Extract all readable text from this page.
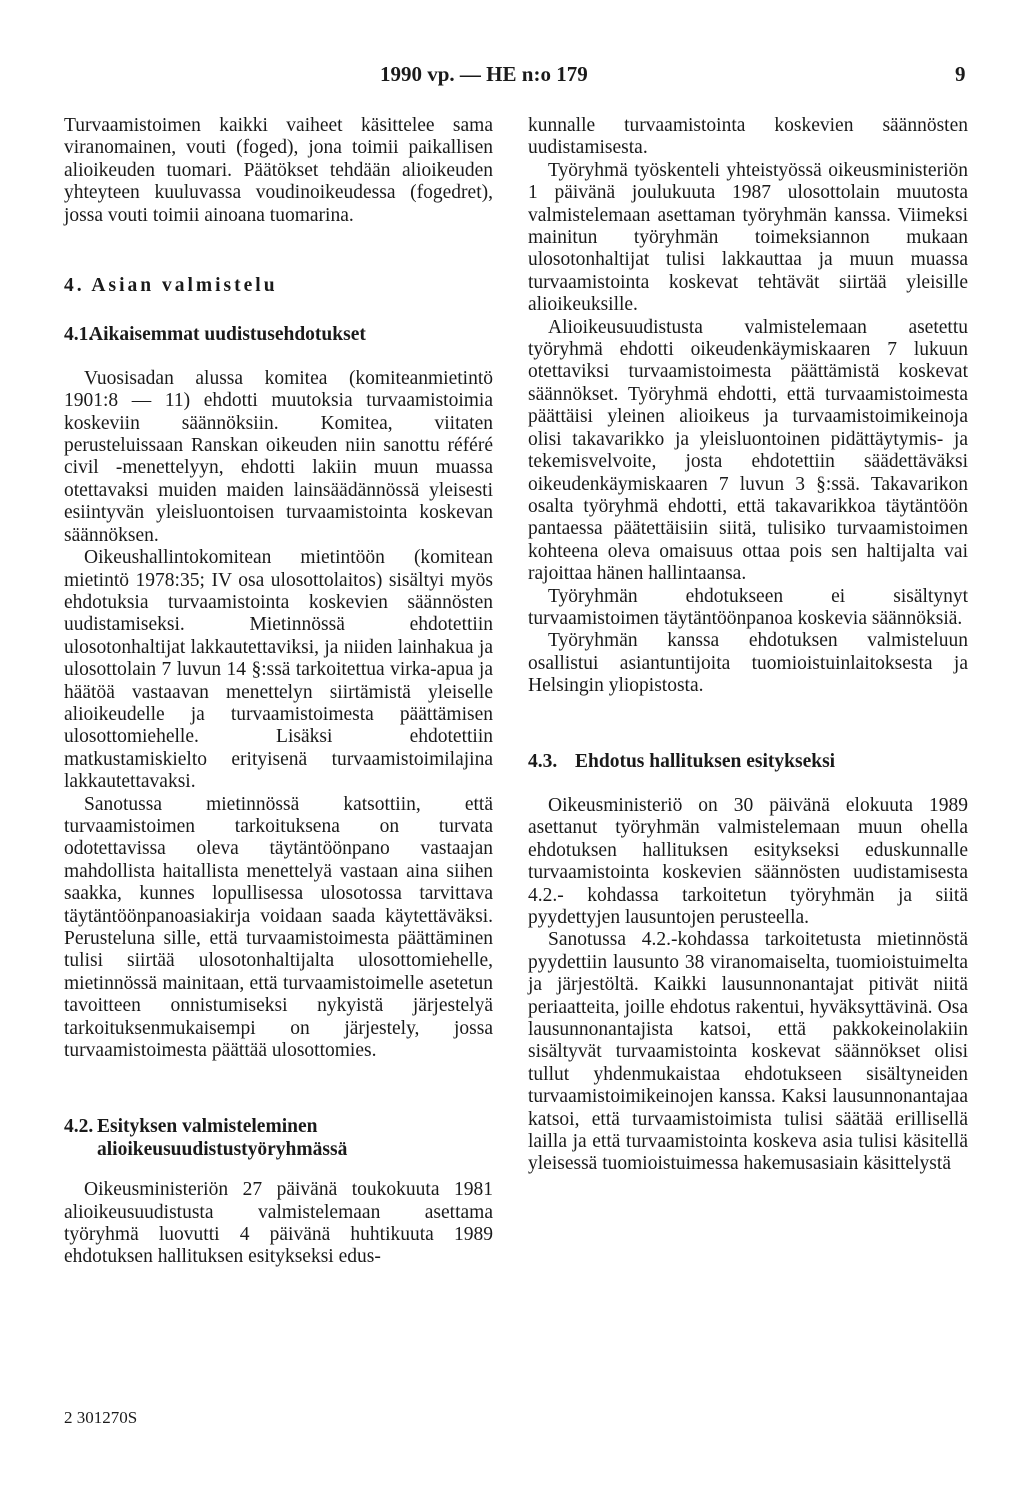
1990 vp. — HE n:o 179	9

Turvaamistoimen kaikki vaiheet käsittelee sama viranomainen, vouti (foged), jona toimii paikallisen alioikeuden tuomari. Päätökset tehdään alioikeuden yhteyteen kuuluvassa voudinoikeudessa (fogedret), jossa vouti toimii ainoana tuomarina.

4. Asian valmistelu
4.1.
Aikaisemmat uudistusehdotukset

Vuosisadan alussa komitea (komiteanmietintö 1901:8 — 11) ehdotti muutoksia turvaamistoimia koskeviin säännöksiin. Komitea, viitaten perusteluissaan Ranskan oikeuden niin sanottu référé civil -menettelyyn, ehdotti lakiin muun muassa otettavaksi muiden maiden lainsäädännössä yleisesti esiintyvän yleisluontoisen turvaamistointa koskevan säännöksen.

Oikeushallintokomitean mietintöön (komitean mietintö 1978:35; IV osa ulosottolaitos) sisältyi myös ehdotuksia turvaamistointa koskevien säännösten uudistamiseksi. Mietinnössä ehdotettiin ulosotonhaltijat lakkautettaviksi, ja niiden lainhakua ja ulosottolain 7 luvun 14 §:ssä tarkoitettua virka-apua ja häätöä vastaavan menettelyn siirtämistä yleiselle alioikeudelle ja turvaamistoimesta päättämisen ulosottomiehelle. Lisäksi ehdotettiin matkustamiskielto erityisenä turvaamistoimilajina lakkautettavaksi.

Sanotussa mietinnössä katsottiin, että turvaamistoimen tarkoituksena on turvata odotettavissa oleva täytäntöönpano vastaajan mahdollista haitallista menettelyä vastaan aina siihen saakka, kunnes lopullisessa ulosotossa tarvittava täytäntöönpanoasiakirja voidaan saada käytettäväksi. Perusteluna sille, että turvaamistoimesta päättäminen tulisi siirtää ulosotonhaltijalta ulosottomiehelle, mietinnössä mainitaan, että turvaamistoimelle asetetun tavoitteen onnistumiseksi nykyistä järjestelyä tarkoituksenmukaisempi on järjestely, jossa turvaamistoimesta päättää ulosottomies.

4.2. Esityksen valmisteleminen alioikeusuudistustyöryhmässä

Oikeusministeriön 27 päivänä toukokuuta 1981 alioikeusuudistusta valmistelemaan asettama työryhmä luovutti 4 päivänä huhtikuuta 1989 ehdotuksen hallituksen esitykseksi edus-

kunnalle turvaamistointa koskevien säännösten uudistamisesta.

Työryhmä työskenteli yhteistyössä oikeusministeriön 1 päivänä joulukuuta 1987 ulosottolain muutosta valmistelemaan asettaman työryhmän kanssa. Viimeksi mainitun työryhmän toimeksiannon mukaan ulosotonhaltijat tulisi lakkauttaa ja muun muassa turvaamistointa koskevat tehtävät siirtää yleisille alioikeuksille.

Alioikeusuudistusta valmistelemaan asetettu työryhmä ehdotti oikeudenkäymiskaaren 7 lukuun otettaviksi turvaamistoimesta päättämistä koskevat säännökset. Työryhmä ehdotti, että turvaamistoimesta päättäisi yleinen alioikeus ja turvaamistoimikeinoja olisi takavarikko ja yleisluontoinen pidättäytymis- ja tekemisvelvoite, josta ehdotettiin säädettäväksi oikeudenkäymiskaaren 7 luvun 3 §:ssä. Takavarikon osalta työryhmä ehdotti, että takavarikkoa täytäntöön pantaessa päätettäisiin siitä, tulisiko turvaamistoimen kohteena oleva omaisuus ottaa pois sen haltijalta vai rajoittaa hänen hallintaansa.

Työryhmän ehdotukseen ei sisältynyt turvaamistoimen täytäntöönpanoa koskevia säännöksiä.

Työryhmän kanssa ehdotuksen valmisteluun osallistui asiantuntijoita tuomioistuinlaitoksesta ja Helsingin yliopistosta.

4.3. Ehdotus hallituksen esitykseksi

Oikeusministeriö on 30 päivänä elokuuta 1989 asettanut työryhmän valmistelemaan muun ohella ehdotuksen hallituksen esitykseksi eduskunnalle turvaamistointa koskevien säännösten uudistamisesta 4.2.- kohdassa tarkoitetun työryhmän ja siitä pyydettyjen lausuntojen perusteella.

Sanotussa 4.2.-kohdassa tarkoitetusta mietinnöstä pyydettiin lausunto 38 viranomaiselta, tuomioistuimelta ja järjestöltä. Kaikki lausunnonantajat pitivät niitä periaatteita, joille ehdotus rakentui, hyväksyttävinä. Osa lausunnonantajista katsoi, että pakkokeinolakiin sisältyvät turvaamistointa koskevat säännökset olisi tullut yhdenmukaistaa ehdotukseen sisältyneiden turvaamistoimikeinojen kanssa. Kaksi lausunnonantajaa katsoi, että turvaamistoimista tulisi säätää erillisellä lailla ja että turvaamistointa koskeva asia tulisi käsitellä yleisessä tuomioistuimessa hakemusasiain käsittelystä

2 301270S
